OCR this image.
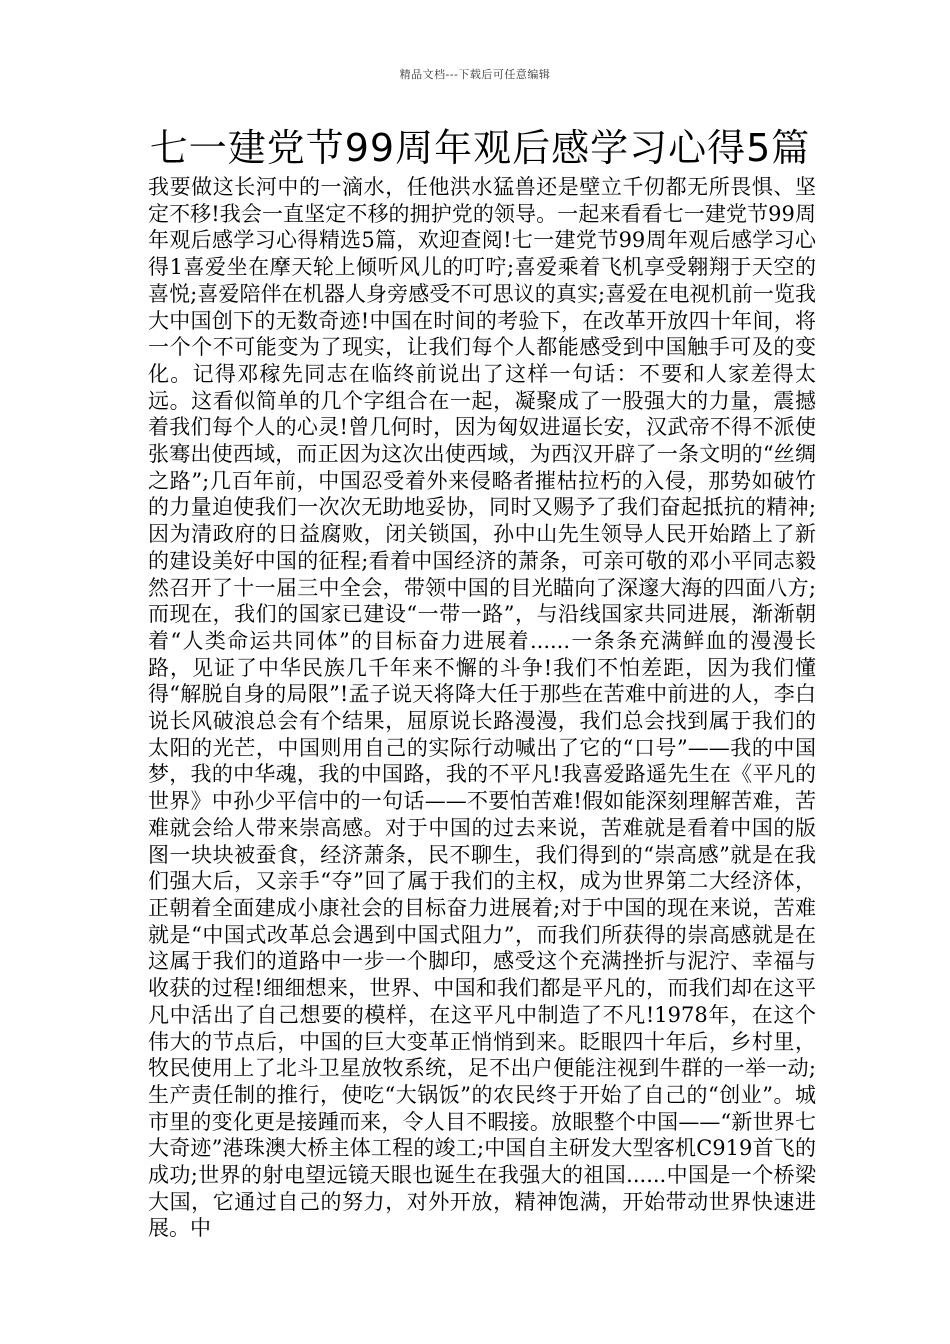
精品文档---下载后可任意编辑
七一建党节99周年观后感学习心得5篇

我要做这长河中的一滴水，任他洪水猛兽还是壁立千仞都无所畏惧、坚定不移!我会一直坚定不移的拥护党的领导。一起来看看七一建党节99周年观后感学习心得精选5篇，欢迎查阅!七一建党节99周年观后感学习心得1喜爱坐在摩天轮上倾听风儿的叮咛;喜爱乘着飞机享受翱翔于天空的喜悦;喜爱陪伴在机器人身旁感受不可思议的真实;喜爱在电视机前一览我大中国创下的无数奇迹!中国在时间的考验下，在改革开放四十年间，将一个个不可能变为了现实，让我们每个人都能感受到中国触手可及的变化。记得邓稼先同志在临终前说出了这样一句话：不要和人家差得太远。这看似简单的几个字组合在一起，凝聚成了一股强大的力量，震撼着我们每个人的心灵!曾几何时，因为匈奴进逼长安，汉武帝不得不派使张骞出使西域，而正因为这次出使西域，为西汉开辟了一条文明的“丝绸之路”;几百年前，中国忍受着外来侵略者摧枯拉朽的入侵，那势如破竹的力量迫使我们一次次无助地妥协，同时又赐予了我们奋起抵抗的精神;因为清政府的日益腐败，闭关锁国，孙中山先生领导人民开始踏上了新的建设美好中国的征程;看着中国经济的萧条，可亲可敬的邓小平同志毅然召开了十一届三中全会，带领中国的目光瞄向了深邃大海的四面八方;而现在，我们的国家已建设“一带一路”，与沿线国家共同进展，渐渐朝着“人类命运共同体”的目标奋力进展着......一条条充满鲜血的漫漫长路，见证了中华民族几千年来不懈的斗争!我们不怕差距，因为我们懂得“解脱自身的局限”!孟子说天将降大任于那些在苦难中前进的人，李白说长风破浪总会有个结果，屈原说长路漫漫，我们总会找到属于我们的太阳的光芒，中国则用自己的实际行动喊出了它的“口号”——我的中国梦，我的中华魂，我的中国路，我的不平凡!我喜爱路遥先生在《平凡的世界》中孙少平信中的一句话——不要怕苦难!假如能深刻理解苦难，苦难就会给人带来崇高感。对于中国的过去来说，苦难就是看着中国的版图一块块被蚕食，经济萧条，民不聊生，我们得到的“崇高感”就是在我们强大后，又亲手“夺”回了属于我们的主权，成为世界第二大经济体，正朝着全面建成小康社会的目标奋力进展着;对于中国的现在来说，苦难就是“中国式改革总会遇到中国式阻力”，而我们所获得的崇高感就是在这属于我们的道路中一步一个脚印，感受这个充满挫折与泥泞、幸福与收获的过程!细细想来，世界、中国和我们都是平凡的，而我们却在这平凡中活出了自己想要的模样，在这平凡中制造了不凡!1978年，在这个伟大的节点后，中国的巨大变革正悄悄到来。眨眼四十年后，乡村里，牧民使用上了北斗卫星放牧系统，足不出户便能注视到牛群的一举一动;生产责任制的推行，使吃“大锅饭”的农民终于开始了自己的“创业”。城市里的变化更是接踵而来，令人目不暇接。放眼整个中国——“新世界七大奇迹”港珠澳大桥主体工程的竣工;中国自主研发大型客机C919首飞的成功;世界的射电望远镜天眼也诞生在我强大的祖国......中国是一个桥梁大国，它通过自己的努力，对外开放，精神饱满，开始带动世界快速进展。中
